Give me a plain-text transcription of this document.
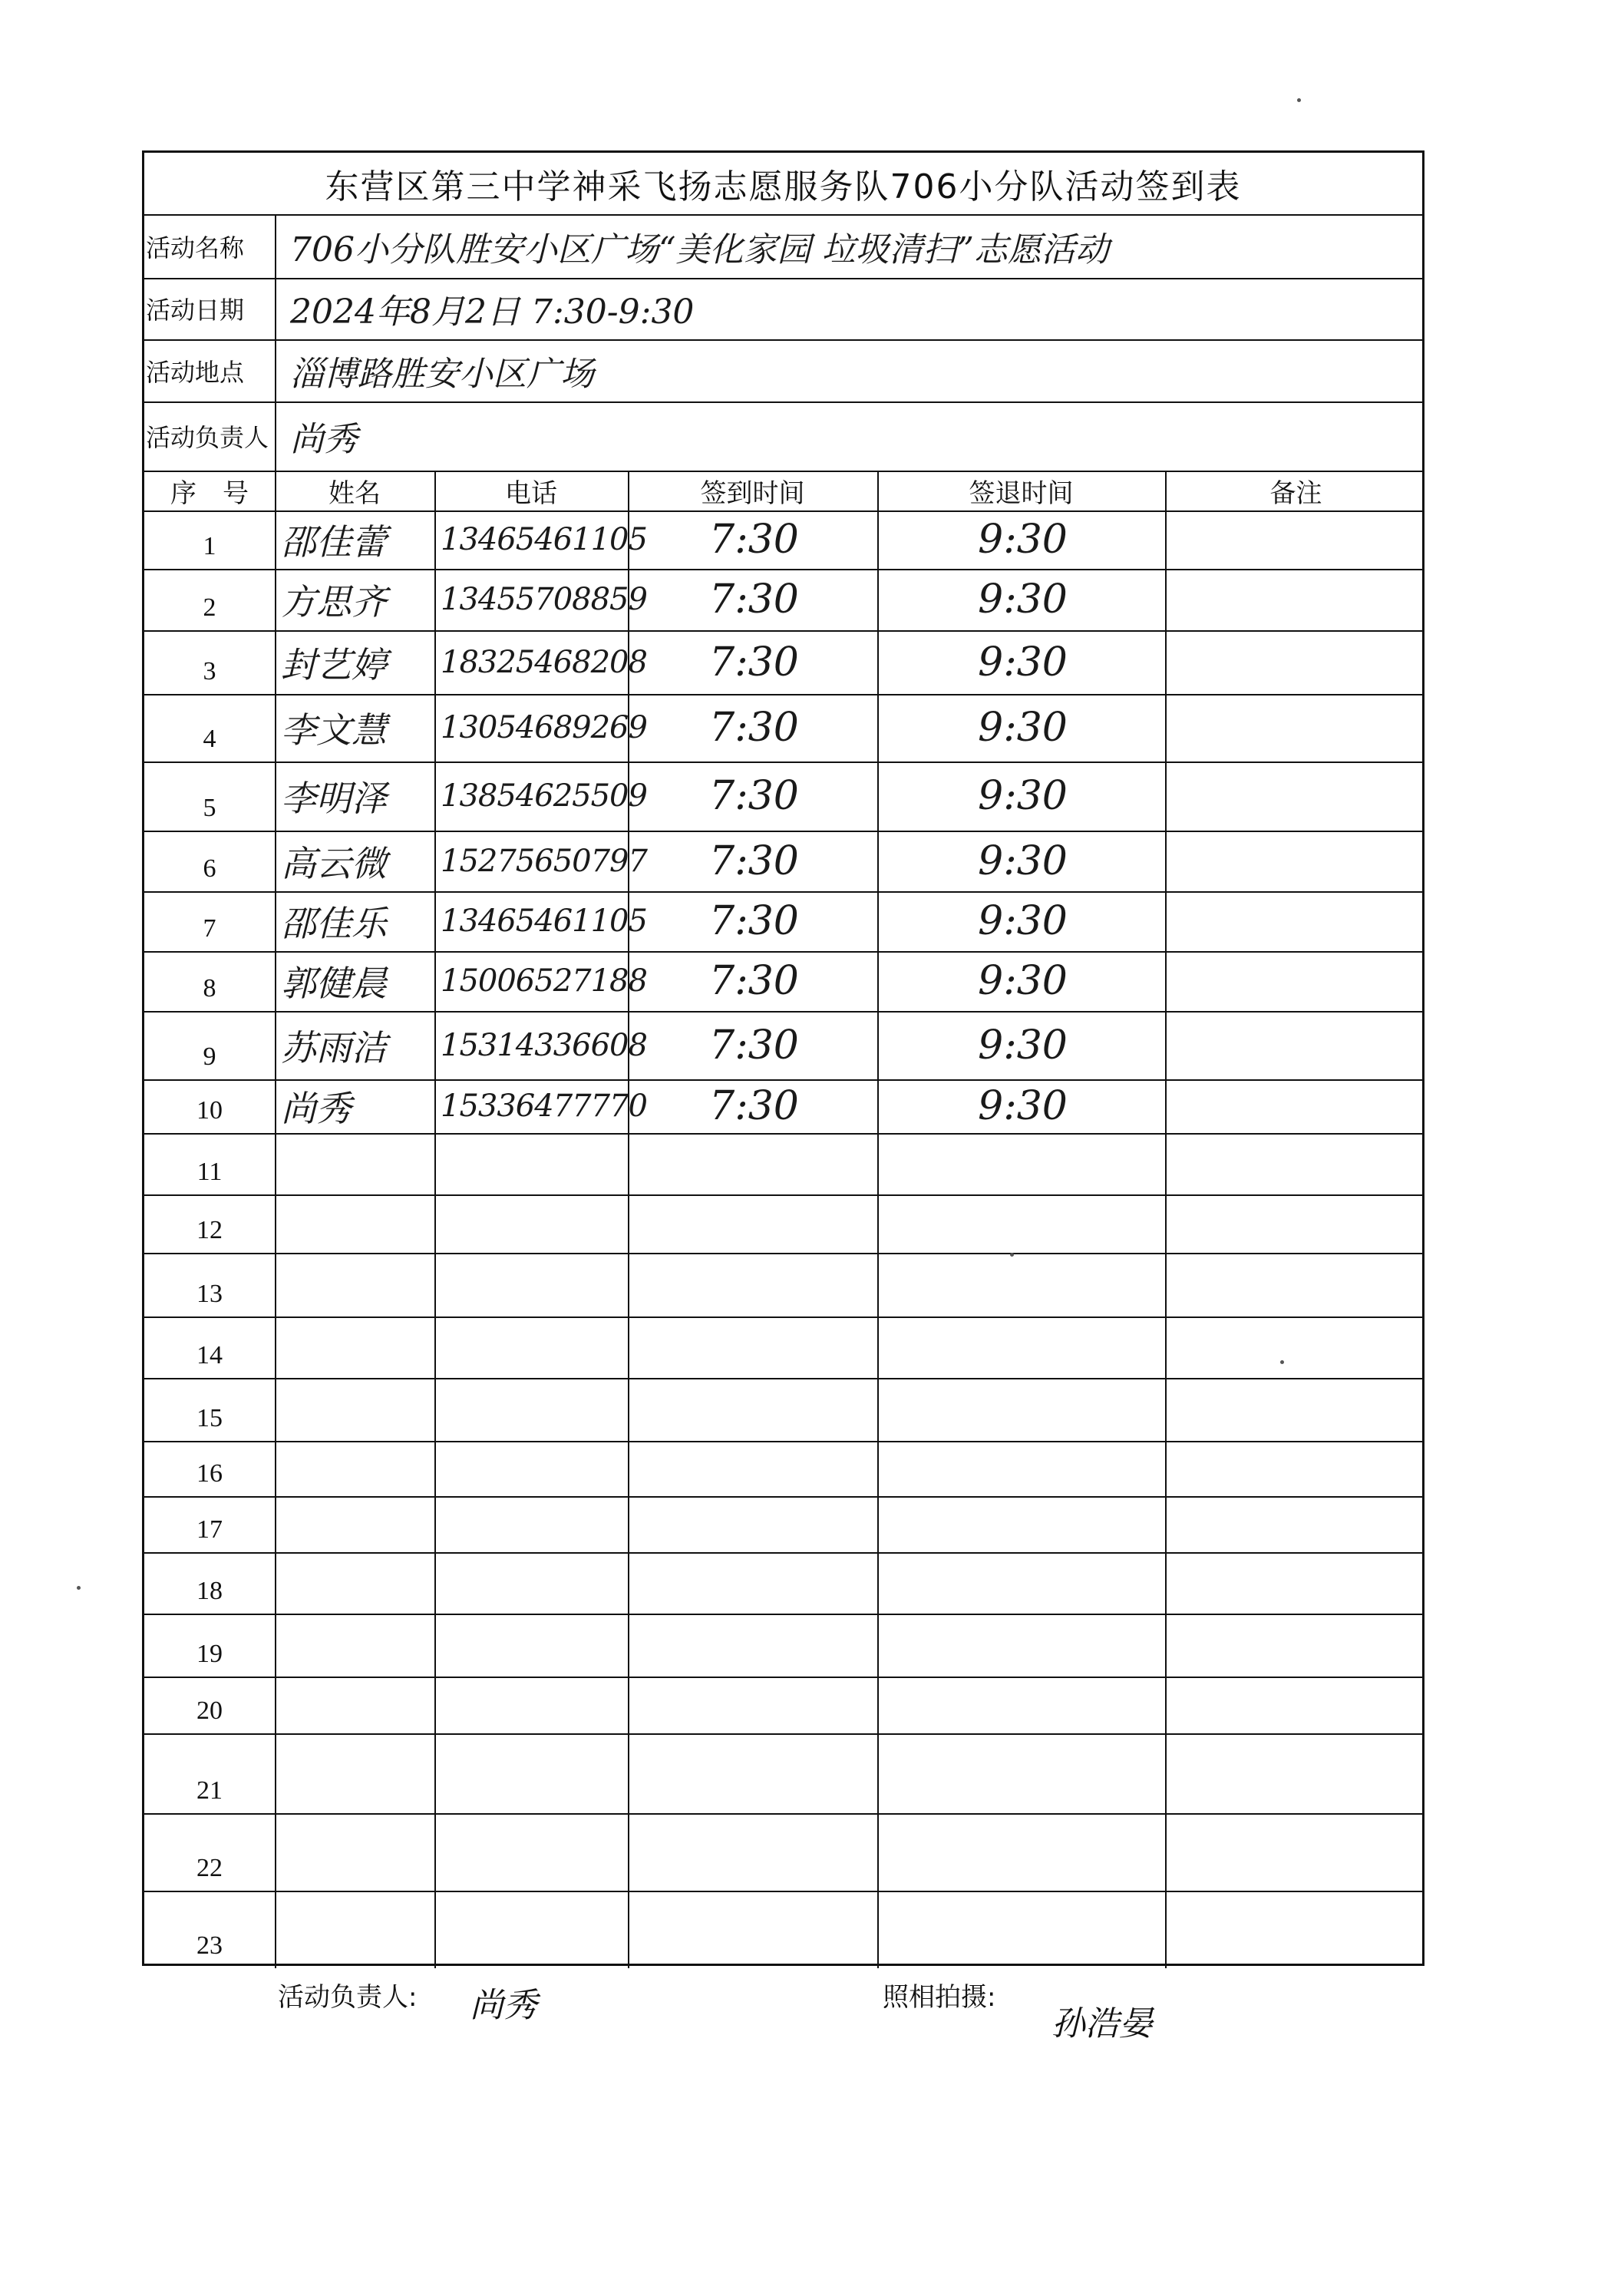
东营区第三中学神采飞扬志愿服务队706小分队活动签到表
活动名称	706小分队胜安小区广场“美化家园 垃圾清扫”志愿活动
活动日期	2024年8月2日 7:30-9:30
活动地点	淄博路胜安小区广场
活动负责人 尚秀
序　号	姓名	电话	签到时间	签退时间	备注
1	邵佳蕾	13465461105	7:30	9:30
2	方思齐	13455708859	7:30	9:30
3	封艺婷	18325468208	7:30	9:30
4	李文慧	13054689269	7:30	9:30
5	李明泽	13854625509	7:30	9:30
6	高云微	15275650797	7:30	9:30
7	邵佳乐	13465461105	7:30	9:30
8	郭健晨	15006527188	7:30	9:30
9	苏雨洁	15314336608	7:30	9:30
10	尚秀	15336477770	7:30	9:30
11
12
13
14
15
16
17
18
19
20
21
22
23
活动负责人: 尚秀	照相拍摄:
孙浩晏
